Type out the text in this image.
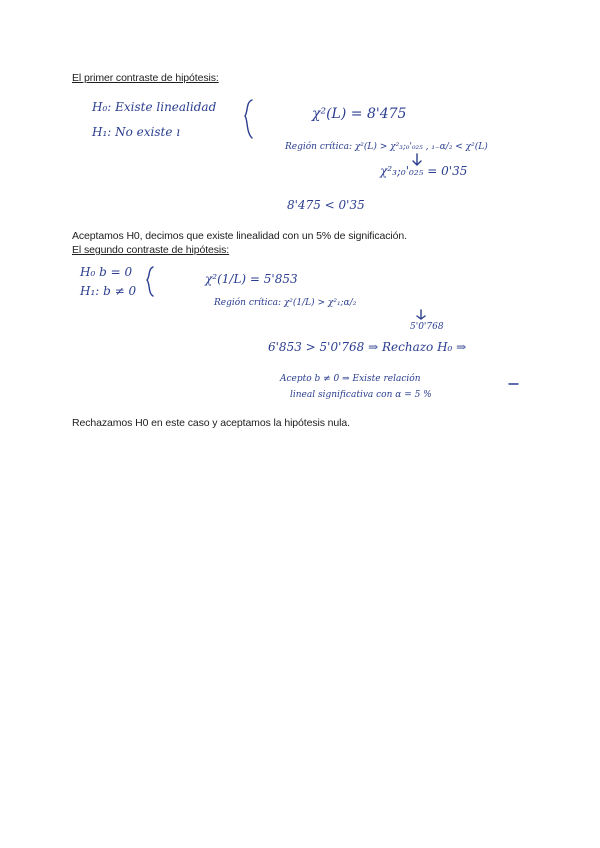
El primer contraste de hipótesis:
H₀: Existe linealidad
H₁: No existe ı
χ²(L) = 8'475
Región crítica: χ²(L) > χ²₃;₀'₀₂₅ , ₁₋α/₂ < χ²(L)
χ²₃;₀'₀₂₅ = 0'35
8'475 < 0'35
Aceptamos H0, decimos que existe linealidad con un 5% de significación.
El segundo contraste de hipótesis:
H₀ b = 0
H₁: b ≠ 0
χ²(1/L) = 5'853
Región crítica: χ²(1/L) > χ²₁;α/₂
5'0'768
6'853 > 5'0'768 ⇒ Rechazo H₀ ⇒
Acepto b ≠ 0 ⇒ Existe relación
lineal significativa con α = 5 %
Rechazamos H0 en este caso y aceptamos la hipótesis nula.
